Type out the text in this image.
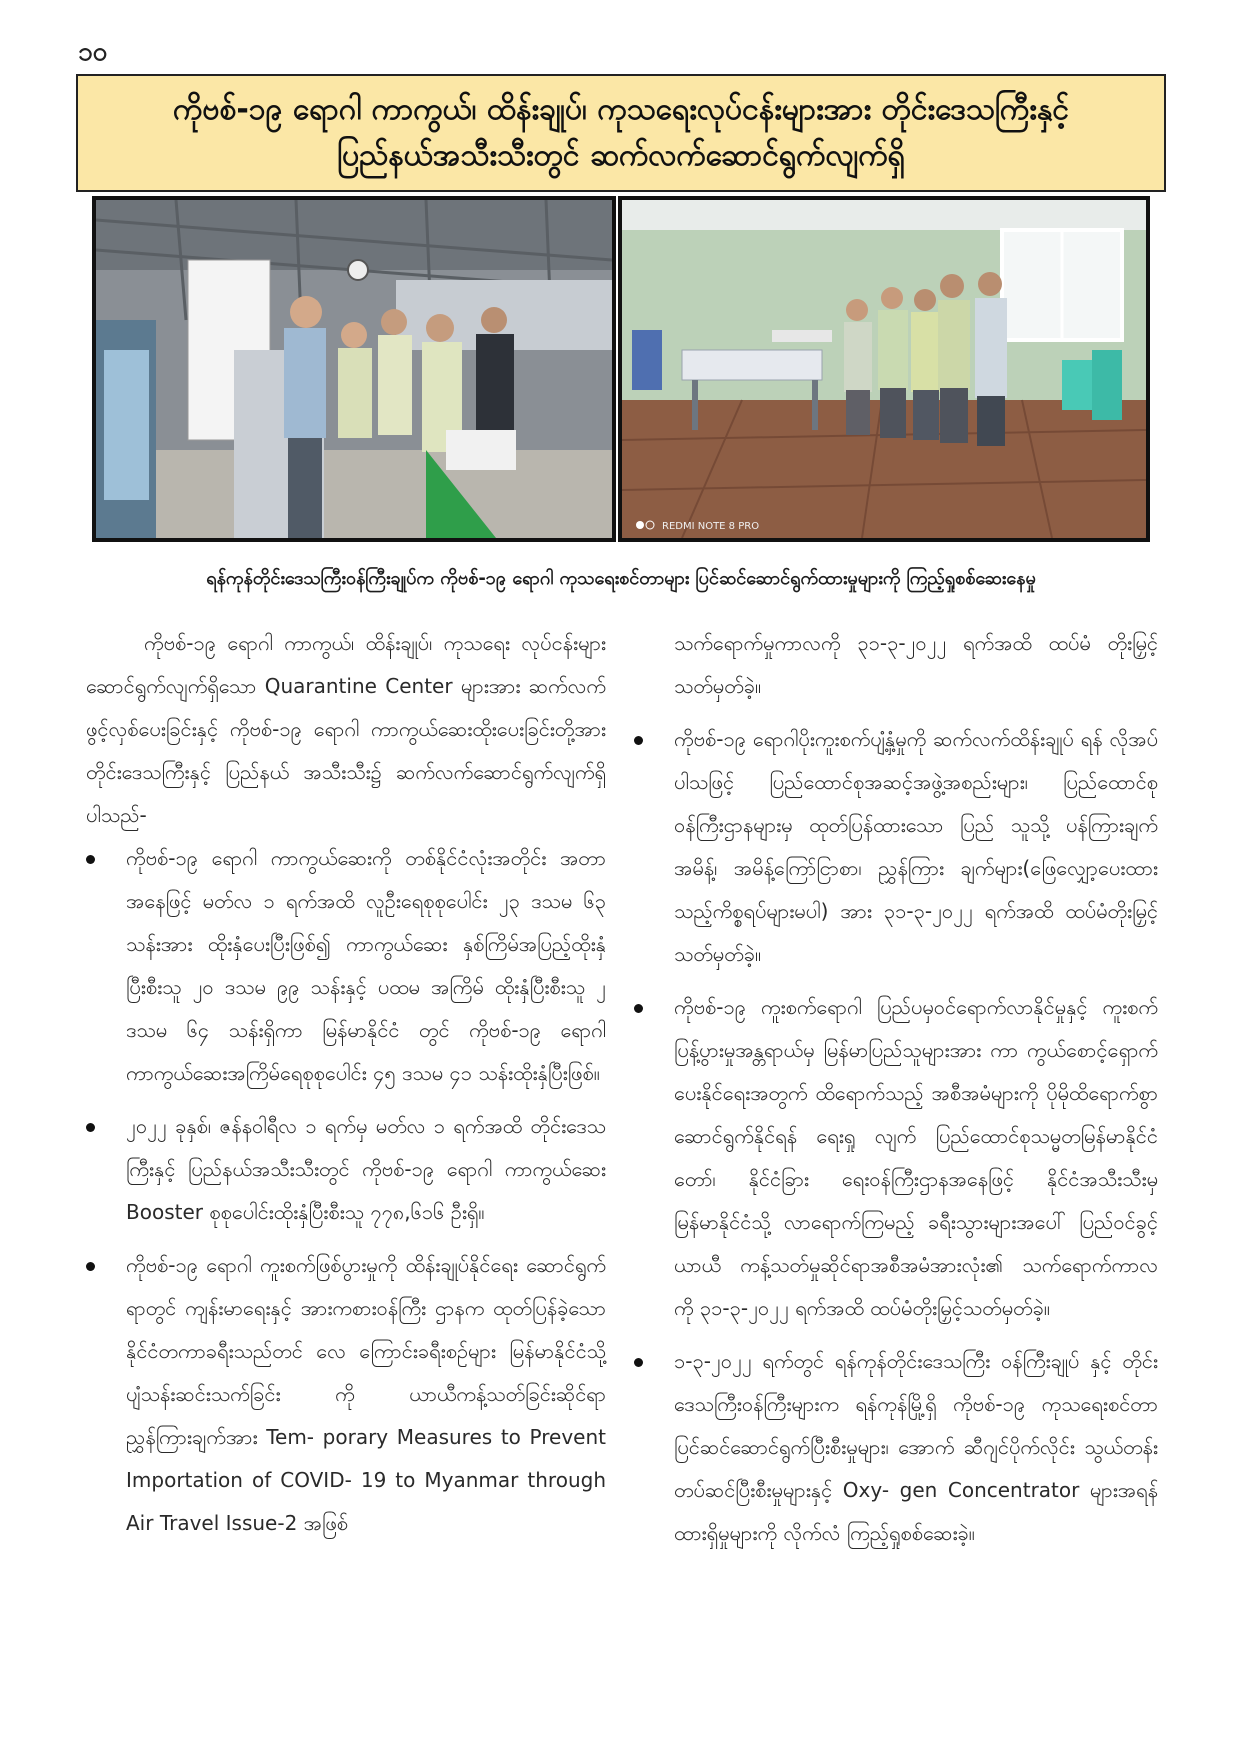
၁၀
ကိုဗစ်-၁၉ ရောဂါ ကာကွယ်၊ ထိန်းချုပ်၊ ကုသရေးလုပ်ငန်းများအား တိုင်းဒေသကြီးနှင့်
ပြည်နယ်အသီးသီးတွင် ဆက်လက်ဆောင်ရွက်လျက်ရှိ
REDMI NOTE 8 PRO
ရန်ကုန်တိုင်းဒေသကြီးဝန်ကြီးချုပ်က ကိုဗစ်-၁၉ ရောဂါ ကုသရေးစင်တာများ ပြင်ဆင်ဆောင်ရွက်ထားမှုများကို ကြည့်ရှုစစ်ဆေးနေမှု

ကိုဗစ်-၁၉ ရောဂါ ကာကွယ်၊ ထိန်းချုပ်၊ ကုသရေး လုပ်ငန်းများ ဆောင်ရွက်လျက်ရှိသော Quarantine Center များအား ဆက်လက်ဖွင့်လှစ်ပေးခြင်းနှင့် ကိုဗစ်-၁၉ ရောဂါ ကာကွယ်ဆေးထိုးပေးခြင်းတို့အား တိုင်းဒေသကြီးနှင့် ပြည်နယ် အသီးသီး၌ ဆက်လက်ဆောင်ရွက်လျက်ရှိပါသည်-

ကိုဗစ်-၁၉ ရောဂါ ကာကွယ်ဆေးကို တစ်နိုင်ငံလုံးအတိုင်း အတာအနေဖြင့် မတ်လ ၁ ရက်အထိ လူဦးရေစုစုပေါင်း ၂၃ ဒသမ ၆၃ သန်းအား ထိုးနှံပေးပြီးဖြစ်၍ ကာကွယ်ဆေး နှစ်ကြိမ်အပြည့်ထိုးနှံပြီးစီးသူ ၂၀ ဒသမ ၉၉ သန်းနှင့် ပထမ အကြိမ် ထိုးနှံပြီးစီးသူ ၂ ဒသမ ၆၄ သန်းရှိကာ မြန်မာနိုင်ငံ တွင် ကိုဗစ်-၁၉ ရောဂါ ကာကွယ်ဆေးအကြိမ်ရေစုစုပေါင်း ၄၅ ဒသမ ၄၁ သန်းထိုးနှံပြီးဖြစ်။
၂၀၂၂ ခုနှစ်၊ ဇန်နဝါရီလ ၁ ရက်မှ မတ်လ ၁ ရက်အထိ တိုင်းဒေသကြီးနှင့် ပြည်နယ်အသီးသီးတွင် ကိုဗစ်-၁၉ ရောဂါ ကာကွယ်ဆေး Booster စုစုပေါင်းထိုးနှံပြီးစီးသူ ၇၇၈,၆၁၆ ဦးရှိ။
ကိုဗစ်-၁၉ ရောဂါ ကူးစက်ဖြစ်ပွားမှုကို ထိန်းချုပ်နိုင်ရေး ဆောင်ရွက်ရာတွင် ကျန်းမာရေးနှင့် အားကစားဝန်ကြီး ဌာနက ထုတ်ပြန်ခဲ့သော နိုင်ငံတကာခရီးသည်တင် လေ ကြောင်းခရီးစဉ်များ မြန်မာနိုင်ငံသို့ ပျံသန်းဆင်းသက်ခြင်း ကို ယာယီကန့်သတ်ခြင်းဆိုင်ရာညွှန်ကြားချက်အား Tem- porary Measures to Prevent Importation of COVID- 19 to Myanmar through Air Travel Issue-2 အဖြစ်

သက်ရောက်မှုကာလကို ၃၁-၃-၂၀၂၂ ရက်အထိ ထပ်မံ တိုးမြှင့်သတ်မှတ်ခဲ့။

ကိုဗစ်-၁၉ ရောဂါပိုးကူးစက်ပျံ့နှံ့မှုကို ဆက်လက်ထိန်းချုပ် ရန် လိုအပ်ပါသဖြင့် ပြည်ထောင်စုအဆင့်အဖွဲ့အစည်းများ၊ ပြည်ထောင်စုဝန်ကြီးဌာနများမှ ထုတ်ပြန်ထားသော ပြည် သူသို့ ပန်ကြားချက်အမိန့်၊ အမိန့်ကြော်ငြာစာ၊ ညွှန်ကြား ချက်များ(ဖြေလျှော့ပေးထားသည့်ကိစ္စရပ်များမပါ) အား ၃၁-၃-၂၀၂၂ ရက်အထိ ထပ်မံတိုးမြှင့်သတ်မှတ်ခဲ့။
ကိုဗစ်-၁၉ ကူးစက်ရောဂါ ပြည်ပမှဝင်ရောက်လာနိုင်မှုနှင့် ကူးစက်ပြန့်ပွားမှုအန္တရာယ်မှ မြန်မာပြည်သူများအား ကာ ကွယ်စောင့်ရှောက်ပေးနိုင်ရေးအတွက် ထိရောက်သည့် အစီအမံများကို ပိုမိုထိရောက်စွာဆောင်ရွက်နိုင်ရန် ရေးရှု လျက် ပြည်ထောင်စုသမ္မတမြန်မာနိုင်ငံတော်၊ နိုင်ငံခြား ရေးဝန်ကြီးဌာနအနေဖြင့် နိုင်ငံအသီးသီးမှ မြန်မာနိုင်ငံသို့ လာရောက်ကြမည့် ခရီးသွားများအပေါ် ပြည်ဝင်ခွင့် ယာယီ ကန့်သတ်မှုဆိုင်ရာအစီအမံအားလုံး၏ သက်ရောက်ကာလ ကို ၃၁-၃-၂၀၂၂ ရက်အထိ ထပ်မံတိုးမြှင့်သတ်မှတ်ခဲ့။
၁-၃-၂၀၂၂ ရက်တွင် ရန်ကုန်တိုင်းဒေသကြီး ဝန်ကြီးချုပ် နှင့် တိုင်းဒေသကြီးဝန်ကြီးများက ရန်ကုန်မြို့ရှိ ကိုဗစ်-၁၉ ကုသရေးစင်တာ ပြင်ဆင်ဆောင်ရွက်ပြီးစီးမှုများ၊ အောက် ဆီဂျင်ပိုက်လိုင်း သွယ်တန်းတပ်ဆင်ပြီးစီးမှုများနှင့် Oxy- gen Concentrator များအရန်ထားရှိမှုများကို လိုက်လံ ကြည့်ရှုစစ်ဆေးခဲ့။
